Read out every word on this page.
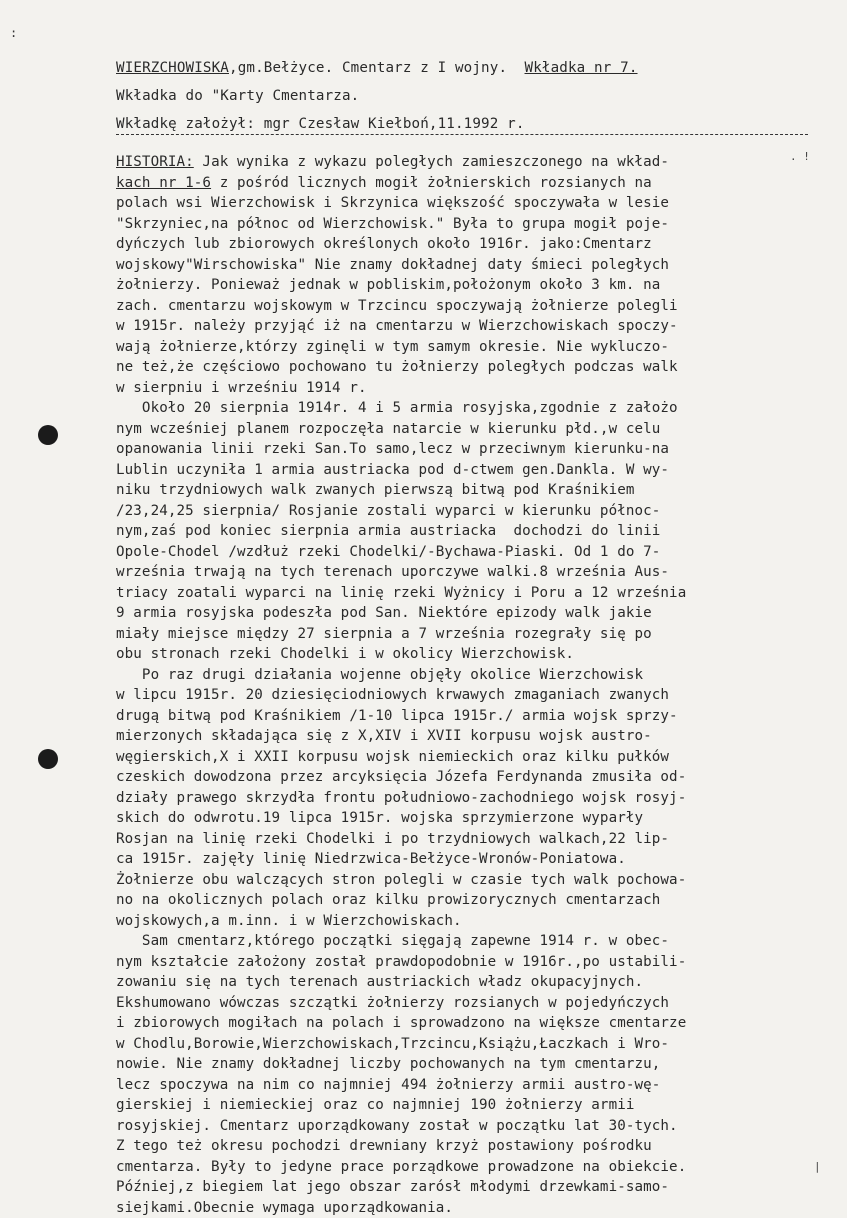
:
. !
|
WIERZCHOWISKA,gm.Bełżyce. Cmentarz z I wojny.  Wkładka nr 7.
Wkładka do "Karty Cmentarza.
Wkładkę założył: mgr Czesław Kiełboń,11.1992 r.
HISTORIA: Jak wynika z wykazu poległych zamieszczonego na wkład-
kach nr 1-6 z pośród licznych mogił żołnierskich rozsianych na
polach wsi Wierzchowisk i Skrzynica większość spoczywała w lesie
"Skrzyniec,na północ od Wierzchowisk." Była to grupa mogił poje-
dyńczych lub zbiorowych określonych około 1916r. jako:Cmentarz
wojskowy"Wirschowiska" Nie znamy dokładnej daty śmieci poległych
żołnierzy. Ponieważ jednak w pobliskim,położonym około 3 km. na
zach. cmentarzu wojskowym w Trzcincu spoczywają żołnierze polegli
w 1915r. należy przyjąć iż na cmentarzu w Wierzchowiskach spoczy-
wają żołnierze,którzy zginęli w tym samym okresie. Nie wykluczo-
ne też,że częściowo pochowano tu żołnierzy poległych podczas walk
w sierpniu i wrześniu 1914 r.
Około 20 sierpnia 1914r. 4 i 5 armia rosyjska,zgodnie z założo
nym wcześniej planem rozpoczęła natarcie w kierunku płd.,w celu
opanowania linii rzeki San.To samo,lecz w przeciwnym kierunku-na
Lublin uczyniła 1 armia austriacka pod d-ctwem gen.Dankla. W wy-
niku trzydniowych walk zwanych pierwszą bitwą pod Kraśnikiem
/23,24,25 sierpnia/ Rosjanie zostali wyparci w kierunku północ-
nym,zaś pod koniec sierpnia armia austriacka  dochodzi do linii
Opole-Chodel /wzdłuż rzeki Chodelki/-Bychawa-Piaski. Od 1 do 7-
września trwają na tych terenach uporczywe walki.8 września Aus-
triacy zoatali wyparci na linię rzeki Wyżnicy i Poru a 12 września
9 armia rosyjska podeszła pod San. Niektóre epizody walk jakie
miały miejsce między 27 sierpnia a 7 września rozegrały się po
obu stronach rzeki Chodelki i w okolicy Wierzchowisk.
Po raz drugi działania wojenne objęły okolice Wierzchowisk
w lipcu 1915r. 20 dziesięciodniowych krwawych zmaganiach zwanych
drugą bitwą pod Kraśnikiem /1-10 lipca 1915r./ armia wojsk sprzy-
mierzonych składająca się z X,XIV i XVII korpusu wojsk austro-
węgierskich,X i XXII korpusu wojsk niemieckich oraz kilku pułków
czeskich dowodzona przez arcyksięcia Józefa Ferdynanda zmusiła od-
działy prawego skrzydła frontu południowo-zachodniego wojsk rosyj-
skich do odwrotu.19 lipca 1915r. wojska sprzymierzone wyparły
Rosjan na linię rzeki Chodelki i po trzydniowych walkach,22 lip-
ca 1915r. zajęły linię Niedrzwica-Bełżyce-Wronów-Poniatowa.
Żołnierze obu walczących stron polegli w czasie tych walk pochowa-
no na okolicznych polach oraz kilku prowizorycznych cmentarzach
wojskowych,a m.inn. i w Wierzchowiskach.
Sam cmentarz,którego początki sięgają zapewne 1914 r. w obec-
nym kształcie założony został prawdopodobnie w 1916r.,po ustabili-
zowaniu się na tych terenach austriackich władz okupacyjnych.
Ekshumowano wówczas szczątki żołnierzy rozsianych w pojedyńczych
i zbiorowych mogiłach na polach i sprowadzono na większe cmentarze
w Chodlu,Borowie,Wierzchowiskach,Trzcincu,Książu,Łaczkach i Wro-
nowie. Nie znamy dokładnej liczby pochowanych na tym cmentarzu,
lecz spoczywa na nim co najmniej 494 żołnierzy armii austro-wę-
gierskiej i niemieckiej oraz co najmniej 190 żołnierzy armii
rosyjskiej. Cmentarz uporządkowany został w początku lat 30-tych.
Z tego też okresu pochodzi drewniany krzyż postawiony pośrodku
cmentarza. Były to jedyne prace porządkowe prowadzone na obiekcie.
Później,z biegiem lat jego obszar zarósł młodymi drzewkami-samo-
siejkami.Obecnie wymaga uporządkowania.
